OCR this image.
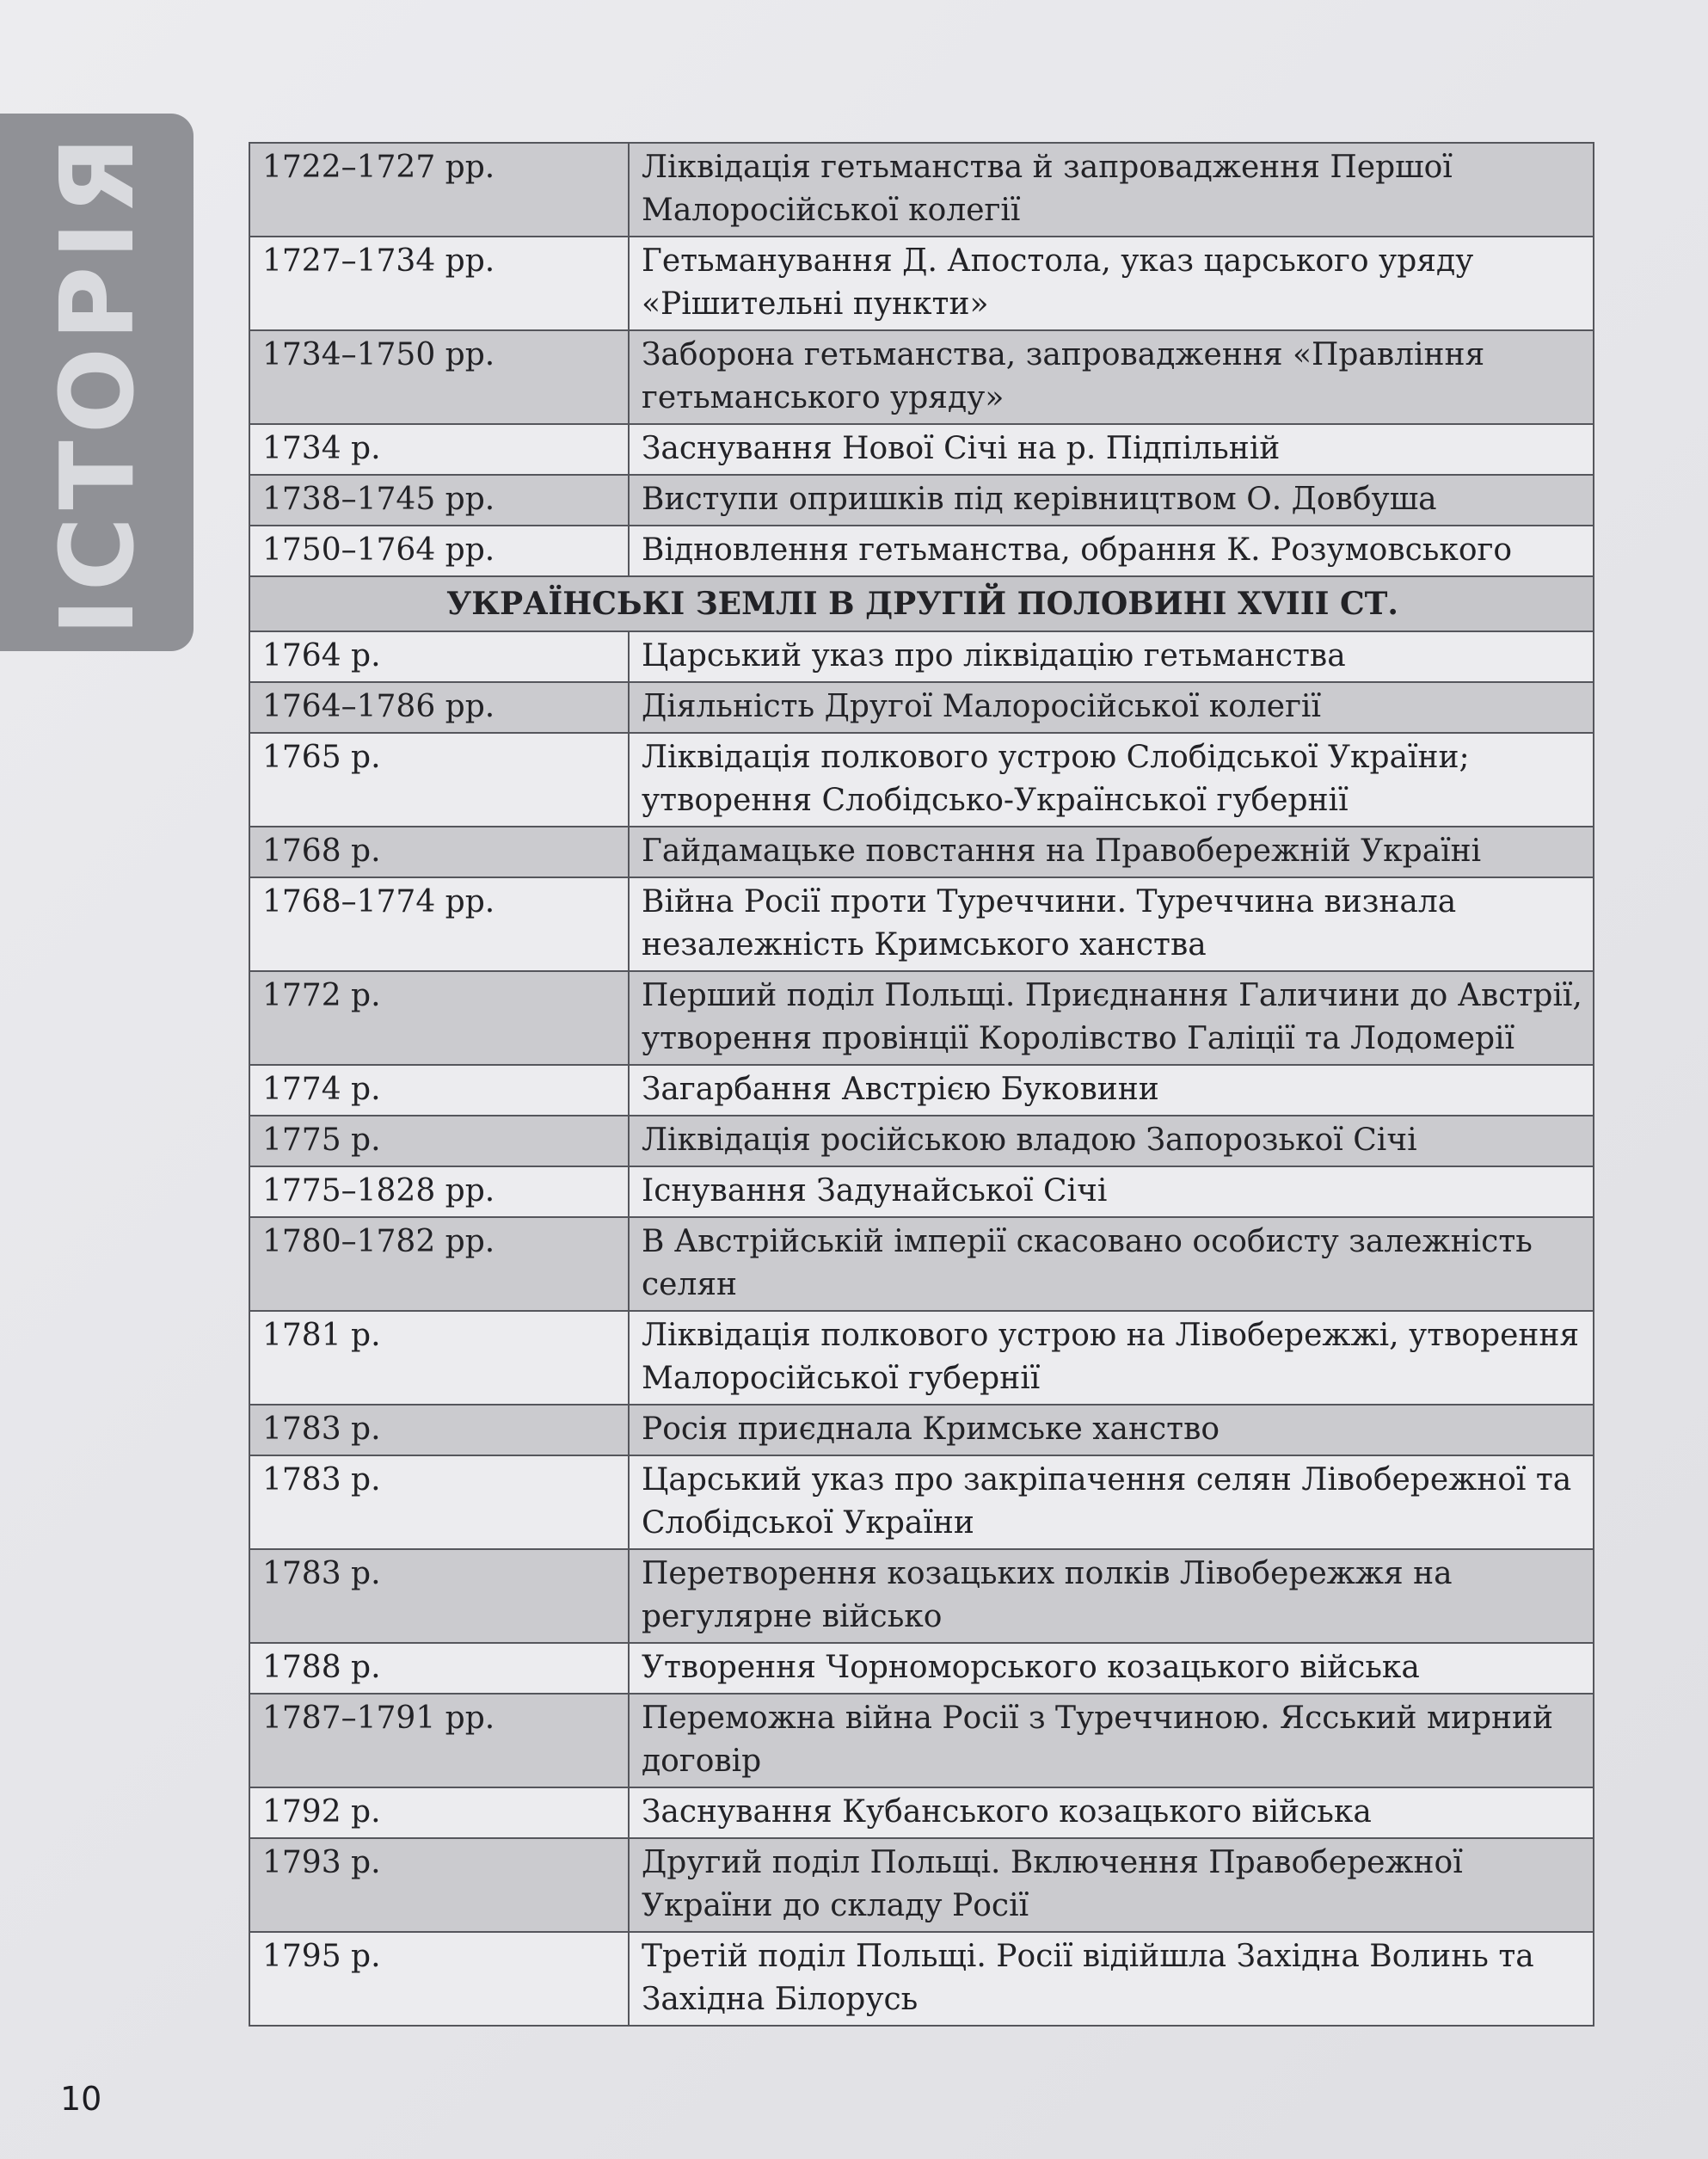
ІСТОРІЯ	1722–1727 рр.	Ліквідація гетьманства й запровадження Першої Малоросійської колегії
1727–1734 рр.	Гетьманування Д. Апостола, указ царського уряду «Рішительні пункти»
1734–1750 рр.	Заборона гетьманства, запровадження «Правління гетьманського уряду»
1734 р.	Заснування Нової Січі на р. Підпільній
1738–1745 рр.	Виступи опришків під керівництвом О. Довбуша
1750–1764 рр.	Відновлення гетьманства, обрання К. Розумовського
УКРАЇНСЬКІ ЗЕМЛІ В ДРУГІЙ ПОЛОВИНІ XVIII СТ.	
1764 р.	Царський указ про ліквідацію гетьманства
1764–1786 рр.	Діяльність Другої Малоросійської колегії
1765 р.	Ліквідація полкового устрою Слобідської України; утворення Слобідсько-Української губернії
1768 р.	Гайдамацьке повстання на Правобережній Україні
1768–1774 рр.	Війна Росії проти Туреччини. Туреччина визнала незалежність Кримського ханства
1772 р.	Перший поділ Польщі. Приєднання Галичини до Австрії, утворення провінції Королівство Галіції та Лодомерії
1774 р.	Загарбання Австрією Буковини
1775 р.	Ліквідація російською владою Запорозької Січі
1775–1828 рр.	Існування Задунайської Січі
1780–1782 рр.	В Австрійській імперії скасовано особисту залежність селян
1781 р.	Ліквідація полкового устрою на Лівобережжі, утворення Малоросійської губернії
1783 р.	Росія приєднала Кримське ханство
1783 р.	Царський указ про закріпачення селян Лівобережної та Слобідської України
1783 р.	Перетворення козацьких полків Лівобережжя на регулярне військо
1788 р.	Утворення Чорноморського козацького війська
1787–1791 рр.	Переможна війна Росії з Туреччиною. Ясський мирний договір
1792 р.	Заснування Кубанського козацького війська
1793 р.	Другий поділ Польщі. Включення Правобережної України до складу Росії
1795 р.	Третій поділ Польщі. Росії відійшла Західна Волинь та Західна Білорусь
10
